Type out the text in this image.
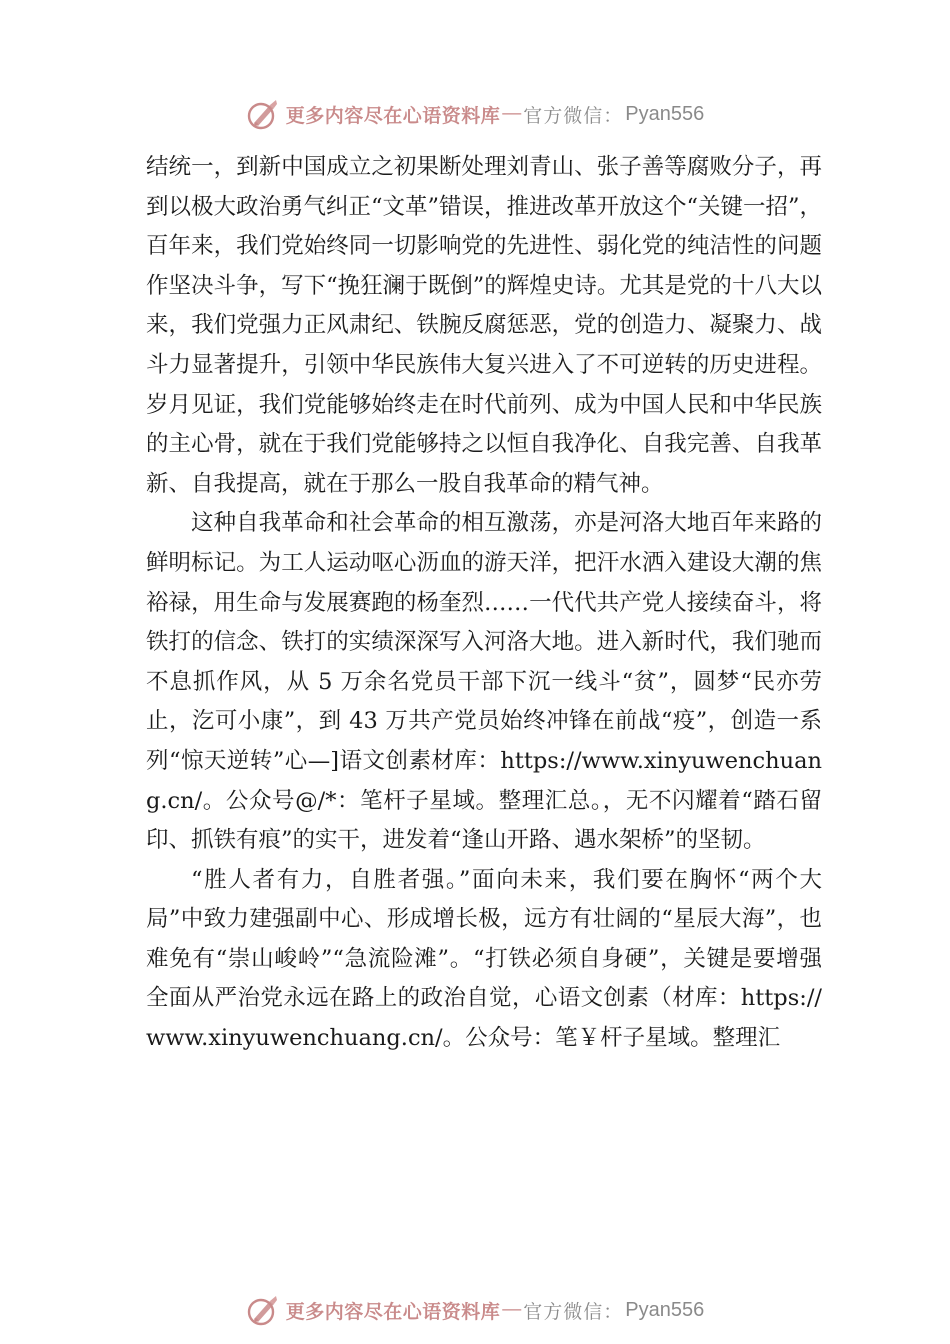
更多内容尽在心语资料库 — 官方微信： Pyan556

结统一，到新中国成立之初果断处理刘青山、张子善等腐败分子，再到以极大政治勇气纠正“文革”错误，推进改革开放这个“关键一招”，百年来，我们党始终同一切影响党的先进性、弱化党的纯洁性的问题作坚决斗争，写下“挽狂澜于既倒”的辉煌史诗。尤其是党的十八大以来，我们党强力正风肃纪、铁腕反腐惩恶，党的创造力、凝聚力、战斗力显著提升，引领中华民族伟大复兴进入了不可逆转的历史进程。岁月见证，我们党能够始终走在时代前列、成为中国人民和中华民族的主心骨，就在于我们党能够持之以恒自我净化、自我完善、自我革新、自我提高，就在于那么一股自我革命的精气神。

这种自我革命和社会革命的相互激荡，亦是河洛大地百年来路的鲜明标记。为工人运动呕心沥血的游天洋，把汗水洒入建设大潮的焦裕禄，用生命与发展赛跑的杨奎烈……一代代共产党人接续奋斗，将铁打的信念、铁打的实绩深深写入河洛大地。进入新时代，我们驰而不息抓作风，从 5 万余名党员干部下沉一线斗“贫”，圆梦“民亦劳止，汔可小康”，到 43 万共产党员始终冲锋在前战“疫”，创造一系列“惊天逆转”心—]语文创素材库：https://www.xinyuwenchuang.cn/。公众号@/*：笔杆子星域。整理汇总。，无不闪耀着“踏石留印、抓铁有痕”的实干，进发着“逢山开路、遇水架桥”的坚韧。

“胜人者有力，自胜者强。”面向未来，我们要在胸怀“两个大局”中致力建强副中心、形成增长极，远方有壮阔的“星辰大海”，也难免有“崇山峻岭”“急流险滩”。“打铁必须自身硬”，关键是要增强全面从严治党永远在路上的政治自觉，心语文创素（材库：https://www.xinyuwenchuang.cn/。公众号：笔￥杆子星域。整理汇

更多内容尽在心语资料库 — 官方微信： Pyan556
